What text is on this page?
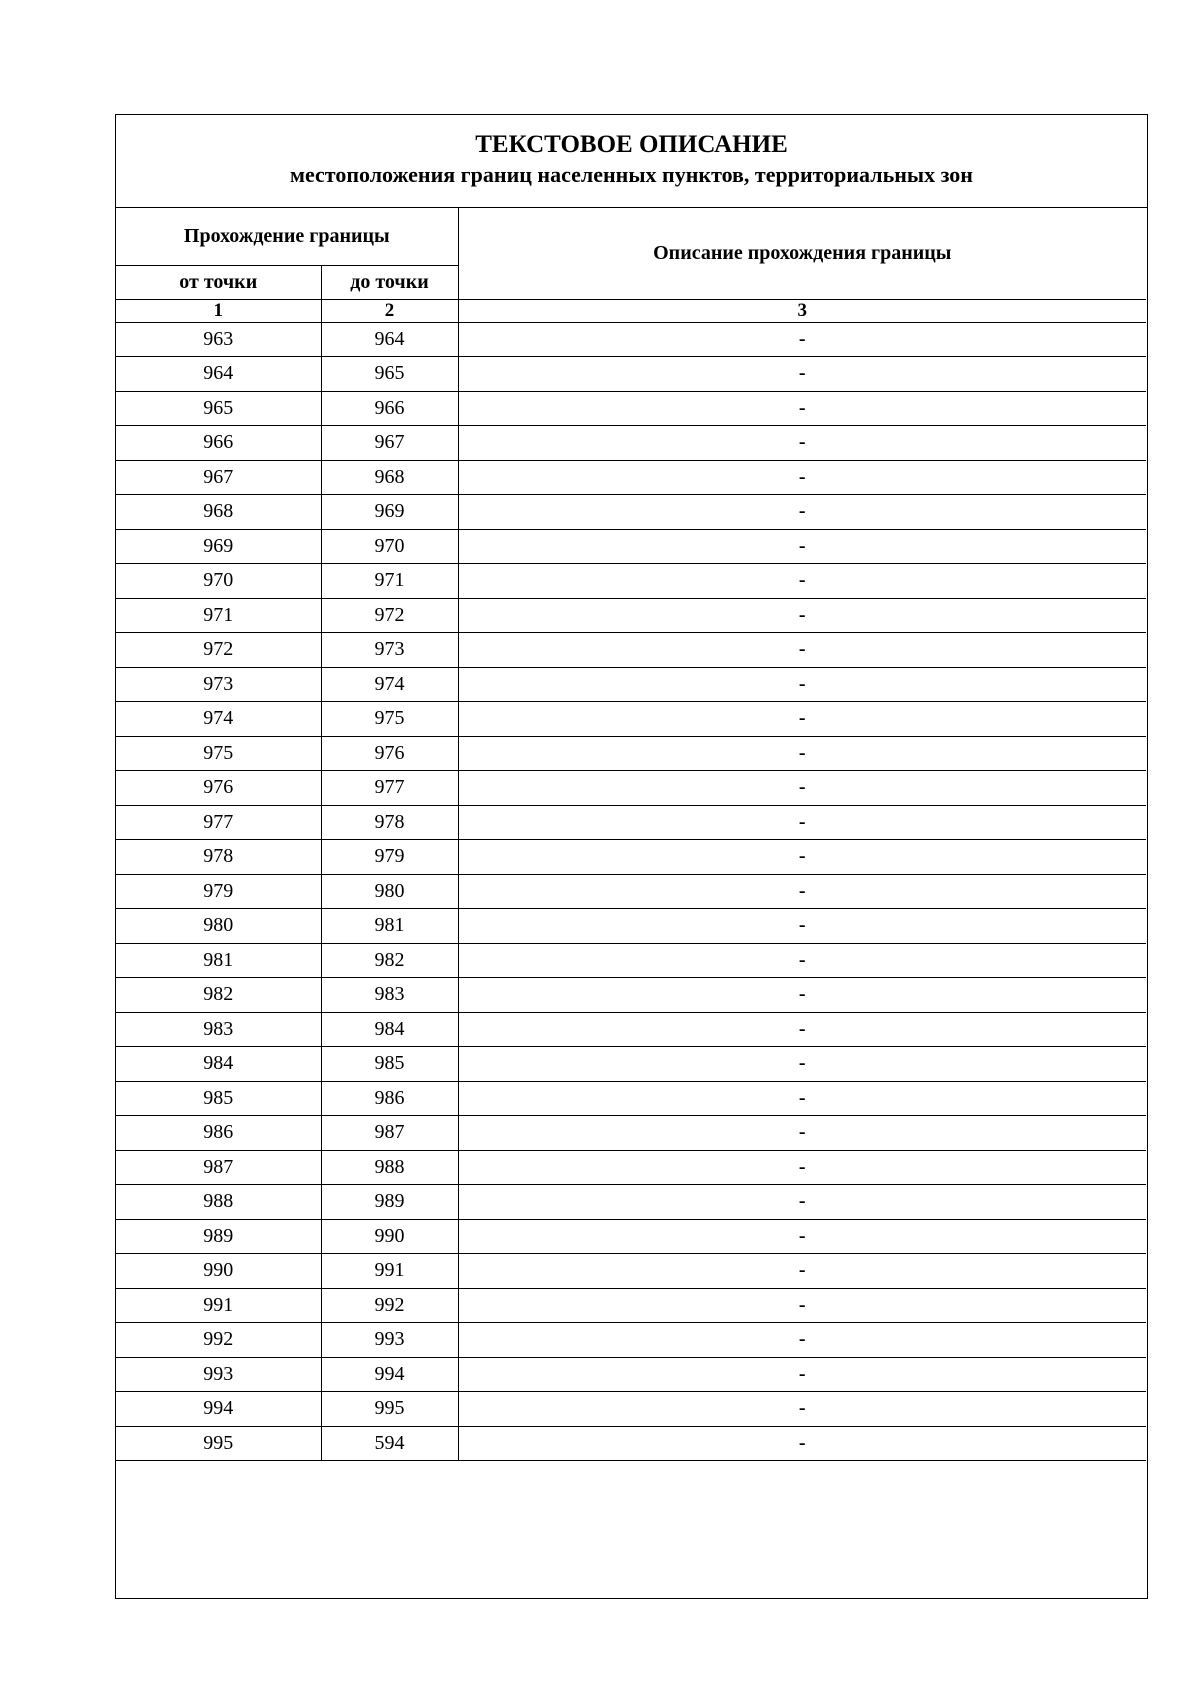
ТЕКСТОВОЕ ОПИСАНИЕ
местоположения границ населенных пунктов, территориальных зон
Прохождение границы		Описание прохождения границы
от точки	до точки	
1	2	3
963	964	-
964	965	-
965	966	-
966	967	-
967	968	-
968	969	-
969	970	-
970	971	-
971	972	-
972	973	-
973	974	-
974	975	-
975	976	-
976	977	-
977	978	-
978	979	-
979	980	-
980	981	-
981	982	-
982	983	-
983	984	-
984	985	-
985	986	-
986	987	-
987	988	-
988	989	-
989	990	-
990	991	-
991	992	-
992	993	-
993	994	-
994	995	-
995	594	-
